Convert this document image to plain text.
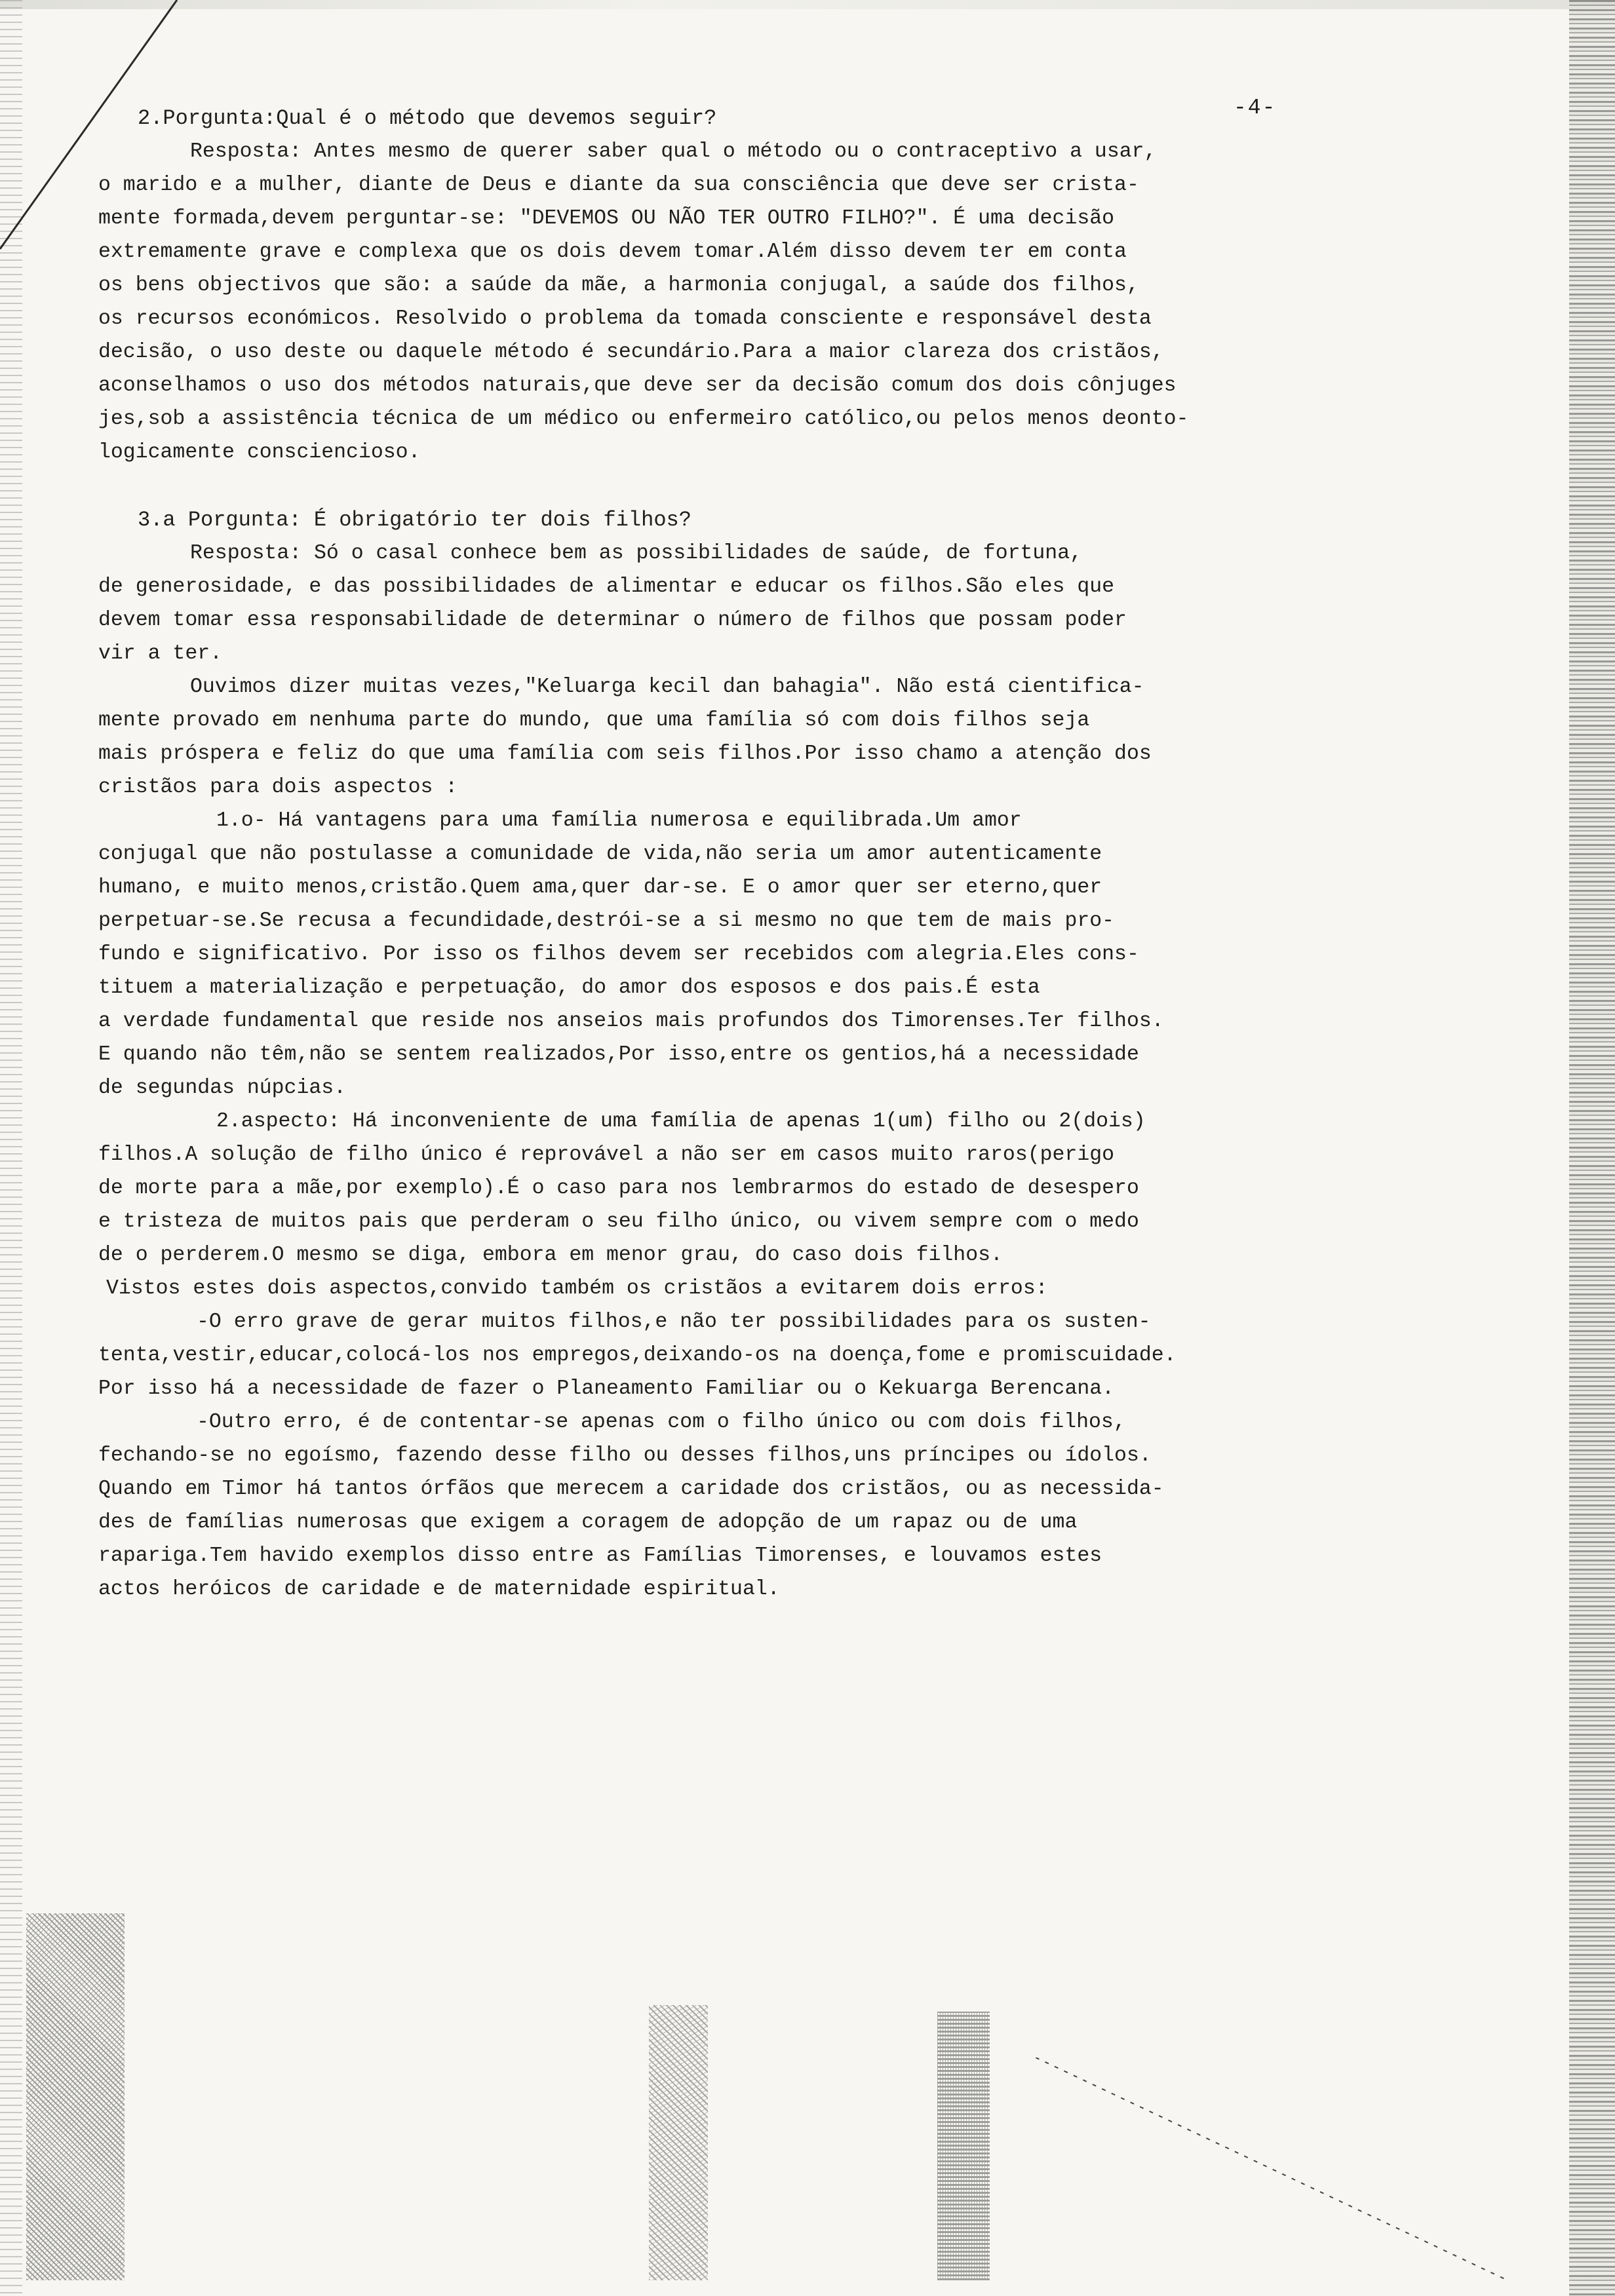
-4-
2.Porgunta:Qual é o método que devemos seguir?
Resposta: Antes mesmo de querer saber qual o método ou o contraceptivo a usar,
o marido e a mulher, diante de Deus e diante da sua consciência que deve ser crista-
mente formada,devem perguntar-se: "DEVEMOS OU NÃO TER OUTRO FILHO?". É uma decisão
extremamente grave e complexa que os dois devem tomar.Além disso devem ter em conta
os bens objectivos que são: a saúde da mãe, a harmonia conjugal, a saúde dos filhos,
os recursos económicos. Resolvido o problema da tomada consciente e responsável desta
decisão, o uso deste ou daquele método é secundário.Para a maior clareza dos cristãos,
aconselhamos o uso dos métodos naturais,que deve ser da decisão comum dos dois cônjuges
jes,sob a assistência técnica de um médico ou enfermeiro católico,ou pelos menos deonto-
logicamente consciencioso.
3.a Porgunta: É obrigatório ter dois filhos?
Resposta: Só o casal conhece bem as possibilidades de saúde, de fortuna,
de generosidade, e das possibilidades de alimentar e educar os filhos.São eles que
devem tomar essa responsabilidade de determinar o número de filhos que possam poder
vir a ter.
Ouvimos dizer muitas vezes,"Keluarga kecil dan bahagia". Não está cientifica-
mente provado em nenhuma parte do mundo, que uma família só com dois filhos seja
mais próspera e feliz do que uma família com seis filhos.Por isso chamo a atenção dos
cristãos para dois aspectos :
1.o- Há vantagens para uma família numerosa e equilibrada.Um amor
conjugal que não postulasse a comunidade de vida,não seria um amor autenticamente
humano, e muito menos,cristão.Quem ama,quer dar-se. E o amor quer ser eterno,quer
perpetuar-se.Se recusa a fecundidade,destrói-se a si mesmo no que tem de mais pro-
fundo e significativo. Por isso os filhos devem ser recebidos com alegria.Eles cons-
tituem a materialização e perpetuação, do amor dos esposos e dos pais.É esta
a verdade fundamental que reside nos anseios mais profundos dos Timorenses.Ter filhos.
E quando não têm,não se sentem realizados,Por isso,entre os gentios,há a necessidade
de segundas núpcias.
2.aspecto: Há inconveniente de uma família de apenas 1(um) filho ou 2(dois)
filhos.A solução de filho único é reprovável a não ser em casos muito raros(perigo
de morte para a mãe,por exemplo).É o caso para nos lembrarmos do estado de desespero
e tristeza de muitos pais que perderam o seu filho único, ou vivem sempre com o medo
de o perderem.O mesmo se diga, embora em menor grau, do caso dois filhos.
Vistos estes dois aspectos,convido também os cristãos a evitarem dois erros:
-O erro grave de gerar muitos filhos,e não ter possibilidades para os susten-
tenta,vestir,educar,colocá-los nos empregos,deixando-os na doença,fome e promiscuidade.
Por isso há a necessidade de fazer o Planeamento Familiar ou o Kekuarga Berencana.
-Outro erro, é de contentar-se apenas com o filho único ou com dois filhos,
fechando-se no egoísmo, fazendo desse filho ou desses filhos,uns príncipes ou ídolos.
Quando em Timor há tantos órfãos que merecem a caridade dos cristãos, ou as necessida-
des de famílias numerosas que exigem a coragem de adopção de um rapaz ou de uma
rapariga.Tem havido exemplos disso entre as Famílias Timorenses, e louvamos estes
actos heróicos de caridade e de maternidade espiritual.
